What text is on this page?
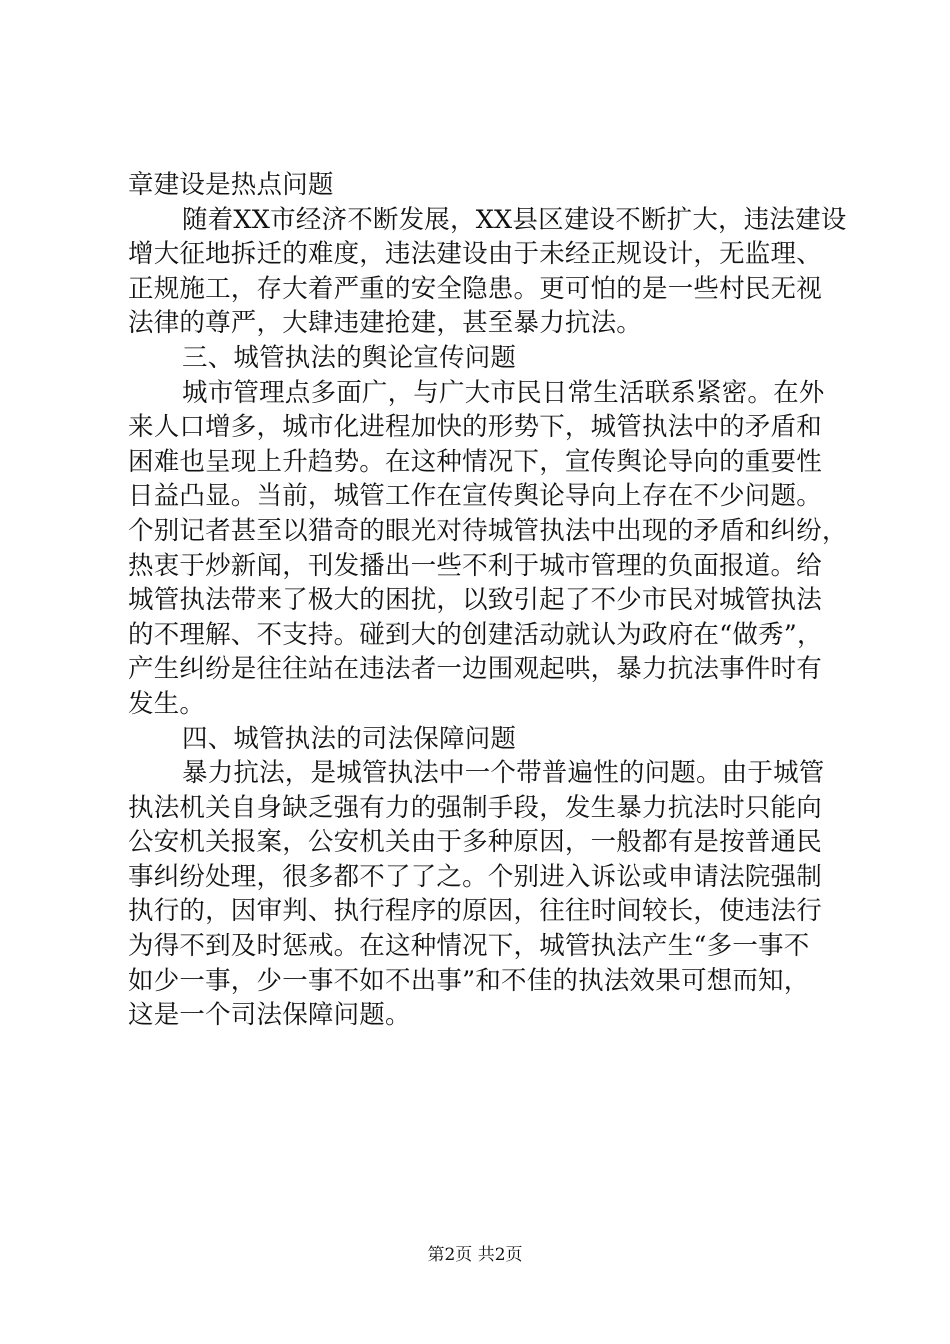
章建设是热点问题
随着XX市经济不断发展，XX县区建设不断扩大，违法建设
增大征地拆迁的难度，违法建设由于未经正规设计，无监理、
正规施工，存大着严重的安全隐患。更可怕的是一些村民无视
法律的尊严，大肆违建抢建，甚至暴力抗法。
三、城管执法的舆论宣传问题
城市管理点多面广，与广大市民日常生活联系紧密。在外
来人口增多，城市化进程加快的形势下，城管执法中的矛盾和
困难也呈现上升趋势。在这种情况下，宣传舆论导向的重要性
日益凸显。当前，城管工作在宣传舆论导向上存在不少问题。
个别记者甚至以猎奇的眼光对待城管执法中出现的矛盾和纠纷，
热衷于炒新闻，刊发播出一些不利于城市管理的负面报道。给
城管执法带来了极大的困扰，以致引起了不少市民对城管执法
的不理解、不支持。碰到大的创建活动就认为政府在“做秀”，
产生纠纷是往往站在违法者一边围观起哄，暴力抗法事件时有
发生。
四、城管执法的司法保障问题
暴力抗法，是城管执法中一个带普遍性的问题。由于城管
执法机关自身缺乏强有力的强制手段，发生暴力抗法时只能向
公安机关报案，公安机关由于多种原因，一般都有是按普通民
事纠纷处理，很多都不了了之。个别进入诉讼或申请法院强制
执行的，因审判、执行程序的原因，往往时间较长，使违法行
为得不到及时惩戒。在这种情况下，城管执法产生“多一事不
如少一事，少一事不如不出事”和不佳的执法效果可想而知，
这是一个司法保障问题。
第2页 共2页
